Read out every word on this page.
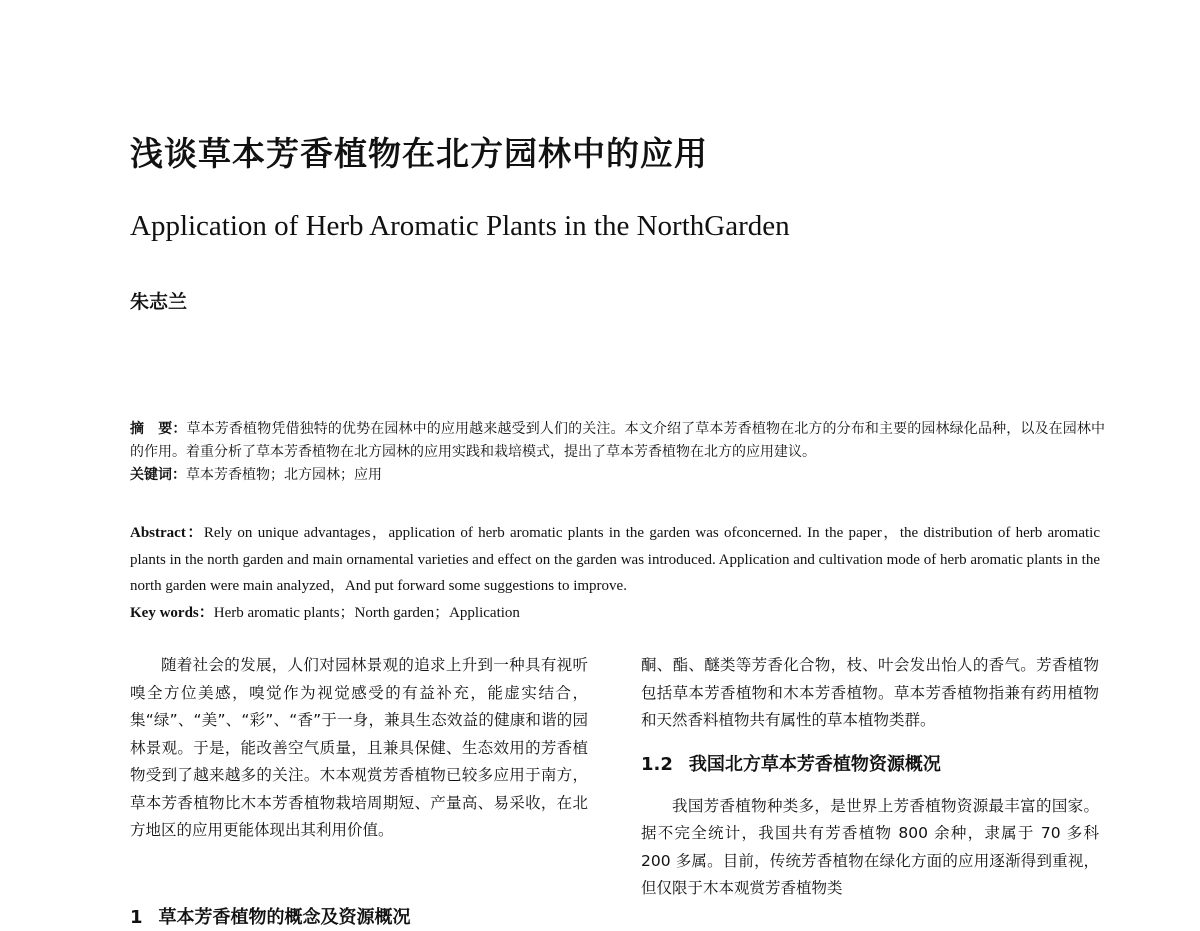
浅谈草本芳香植物在北方园林中的应用
Application of Herb Aromatic Plants in the NorthGarden
朱志兰

摘　要：草本芳香植物凭借独特的优势在园林中的应用越来越受到人们的关注。本文介绍了草本芳香植物在北方的分布和主要的园林绿化品种，以及在园林中的作用。着重分析了草本芳香植物在北方园林的应用实践和栽培模式，提出了草本芳香植物在北方的应用建议。

关键词：草本芳香植物；北方园林；应用

Abstract：Rely on unique advantages，application of herb aromatic plants in the garden was ofconcerned. In the paper，the distribution of herb aromatic plants in the north garden and main ornamental varieties and effect on the garden was introduced. Application and cultivation mode of herb aromatic plants in the north garden were main analyzed，And put forward some suggestions to improve.

Key words：Herb aromatic plants；North garden；Application

随着社会的发展，人们对园林景观的追求上升到一种具有视听嗅全方位美感，嗅觉作为视觉感受的有益补充，能虚实结合，集“绿”、“美”、“彩”、“香”于一身，兼具生态效益的健康和谐的园林景观。于是，能改善空气质量，且兼具保健、生态效用的芳香植物受到了越来越多的关注。木本观赏芳香植物已较多应用于南方，草本芳香植物比木本芳香植物栽培周期短、产量高、易采收，在北方地区的应用更能体现出其利用价值。

1 草本芳香植物的概念及资源概况

酮、酯、醚类等芳香化合物，枝、叶会发出怡人的香气。芳香植物包括草本芳香植物和木本芳香植物。草本芳香植物指兼有药用植物和天然香料植物共有属性的草本植物类群。

1.2 我国北方草本芳香植物资源概况

我国芳香植物种类多，是世界上芳香植物资源最丰富的国家。据不完全统计，我国共有芳香植物 800 余种，隶属于 70 多科 200 多属。目前，传统芳香植物在绿化方面的应用逐渐得到重视，但仅限于木本观赏芳香植物类
